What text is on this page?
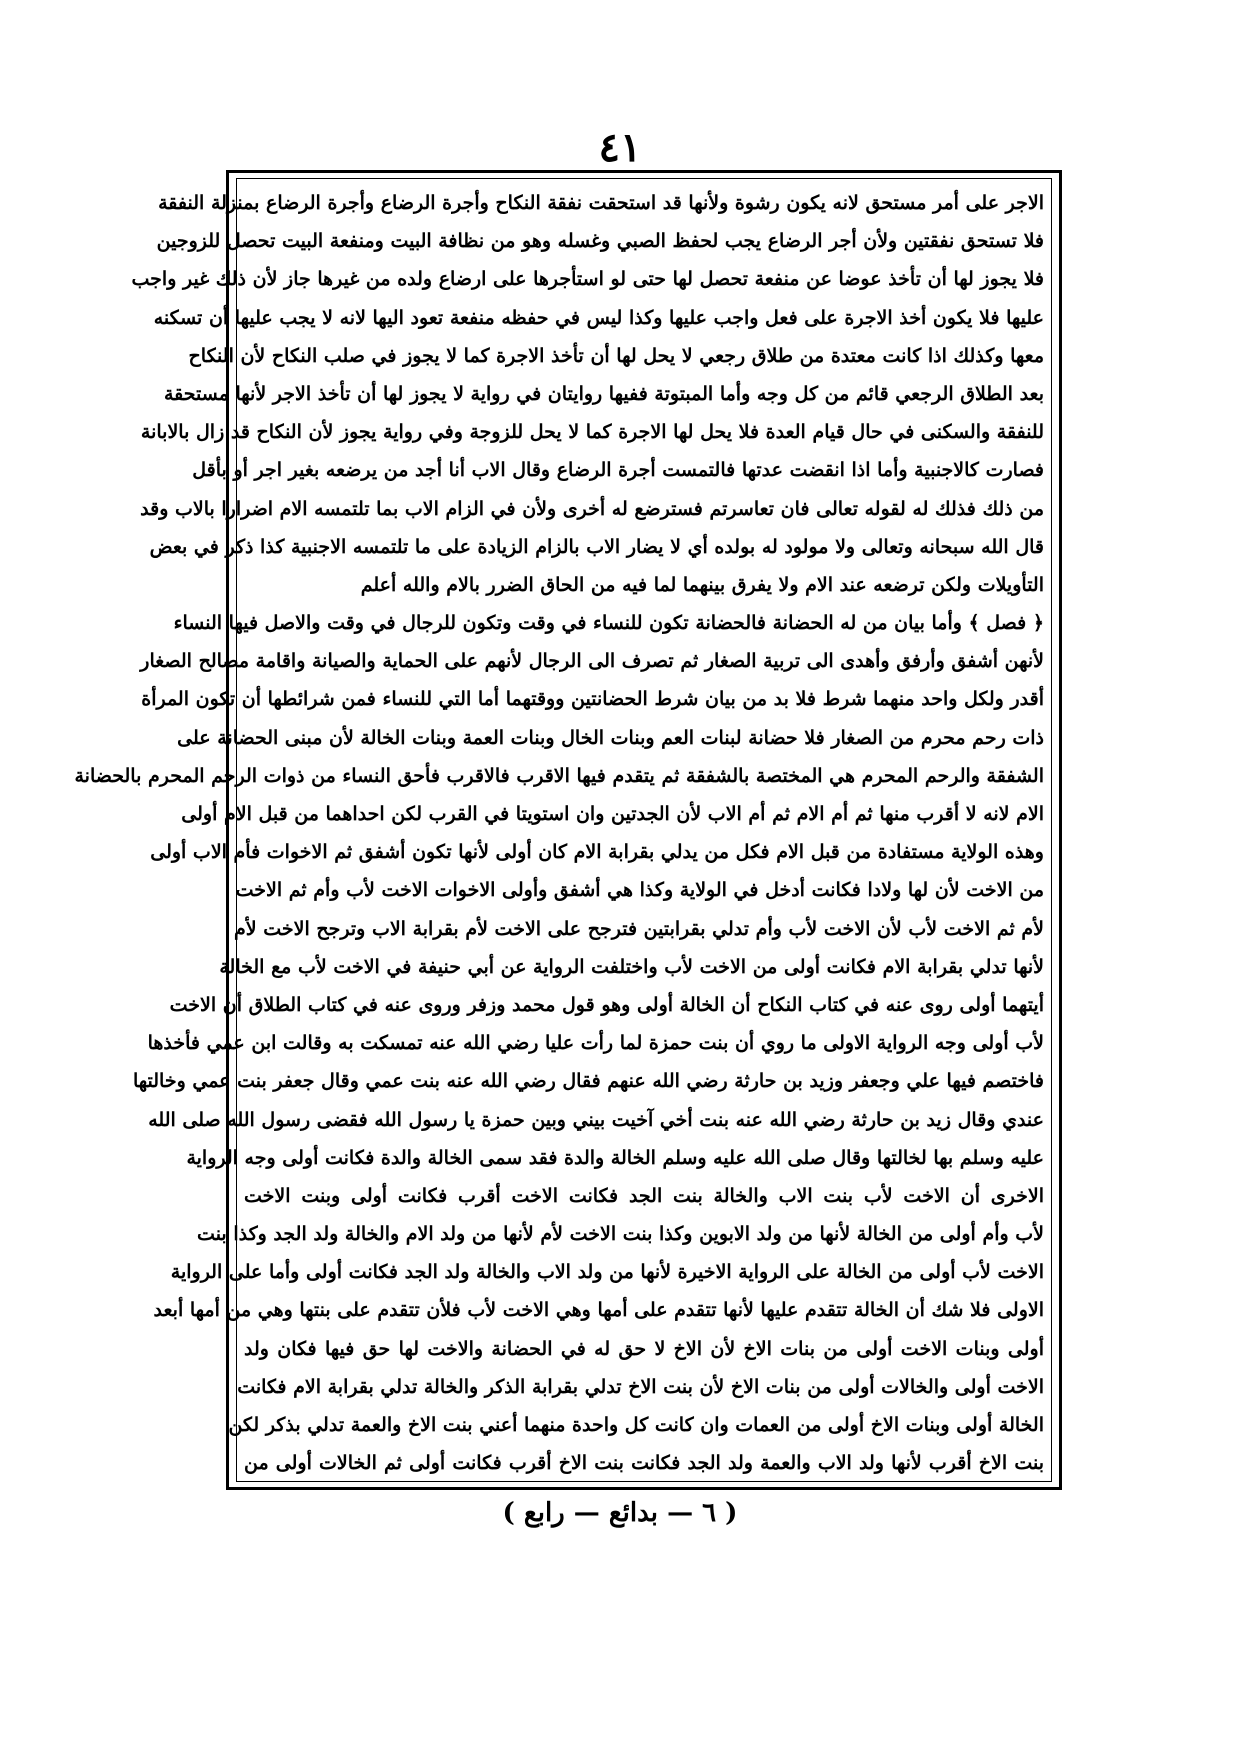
٤١
الاجر على أمر مستحق لانه يكون رشوة ولأنها قد استحقت نفقة النكاح وأجرة الرضاع وأجرة الرضاع بمنزلة النفقة
فلا تستحق نفقتين ولأن أجر الرضاع يجب لحفظ الصبي وغسله وهو من نظافة البيت ومنفعة البيت تحصل للزوجين
فلا يجوز لها أن تأخذ عوضا عن منفعة تحصل لها حتى لو استأجرها على ارضاع ولده من غيرها جاز لأن ذلك غير واجب
عليها فلا يكون أخذ الاجرة على فعل واجب عليها وكذا ليس في حفظه منفعة تعود اليها لانه لا يجب عليها أن تسكنه
معها وكذلك اذا كانت معتدة من طلاق رجعي لا يحل لها أن تأخذ الاجرة كما لا يجوز في صلب النكاح لأن النكاح
بعد الطلاق الرجعي قائم من كل وجه وأما المبتوتة ففيها روايتان في رواية لا يجوز لها أن تأخذ الاجر لأنها مستحقة
للنفقة والسكنى في حال قيام العدة فلا يحل لها الاجرة كما لا يحل للزوجة وفي رواية يجوز لأن النكاح قد زال بالابانة
فصارت كالاجنبية وأما اذا انقضت عدتها فالتمست أجرة الرضاع وقال الاب أنا أجد من يرضعه بغير اجر أو بأقل
من ذلك فذلك له لقوله تعالى فان تعاسرتم فسترضع له أخرى ولأن في الزام الاب بما تلتمسه الام اضرارا بالاب وقد
قال الله سبحانه وتعالى ولا مولود له بولده أي لا يضار الاب بالزام الزيادة على ما تلتمسه الاجنبية كذا ذكر في بعض
التأويلات ولكن ترضعه عند الام ولا يفرق بينهما لما فيه من الحاق الضرر بالام والله أعلم
﴿ فصل ﴾ وأما بيان من له الحضانة فالحضانة تكون للنساء في وقت وتكون للرجال في وقت والاصل فيها النساء
لأنهن أشفق وأرفق وأهدى الى تربية الصغار ثم تصرف الى الرجال لأنهم على الحماية والصيانة واقامة مصالح الصغار
أقدر ولكل واحد منهما شرط فلا بد من بيان شرط الحضانتين ووقتهما أما التي للنساء فمن شرائطها أن تكون المرأة
ذات رحم محرم من الصغار فلا حضانة لبنات العم وبنات الخال وبنات العمة وبنات الخالة لأن مبنى الحضانة على
الشفقة والرحم المحرم هي المختصة بالشفقة ثم يتقدم فيها الاقرب فالاقرب فأحق النساء من ذوات الرحم المحرم بالحضانة
الام لانه لا أقرب منها ثم أم الام ثم أم الاب لأن الجدتين وان استويتا في القرب لكن احداهما من قبل الام أولى
وهذه الولاية مستفادة من قبل الام فكل من يدلي بقرابة الام كان أولى لأنها تكون أشفق ثم الاخوات فأم الاب أولى
من الاخت لأن لها ولادا فكانت أدخل في الولاية وكذا هي أشفق وأولى الاخوات الاخت لأب وأم ثم الاخت
لأم ثم الاخت لأب لأن الاخت لأب وأم تدلي بقرابتين فترجح على الاخت لأم بقرابة الاب وترجح الاخت لأم
لأنها تدلي بقرابة الام فكانت أولى من الاخت لأب واختلفت الرواية عن أبي حنيفة في الاخت لأب مع الخالة
أيتهما أولى روى عنه في كتاب النكاح أن الخالة أولى وهو قول محمد وزفر وروى عنه في كتاب الطلاق أن الاخت
لأب أولى وجه الرواية الاولى ما روي أن بنت حمزة لما رأت عليا رضي الله عنه تمسكت به وقالت ابن عمي فأخذها
فاختصم فيها علي وجعفر وزيد بن حارثة رضي الله عنهم فقال رضي الله عنه بنت عمي وقال جعفر بنت عمي وخالتها
عندي وقال زيد بن حارثة رضي الله عنه بنت أخي آخيت بيني وبين حمزة يا رسول الله فقضى رسول الله صلى الله
عليه وسلم بها لخالتها وقال صلى الله عليه وسلم الخالة والدة فقد سمى الخالة والدة فكانت أولى وجه الرواية
الاخرى أن الاخت لأب بنت الاب والخالة بنت الجد فكانت الاخت أقرب فكانت أولى وبنت الاخت
لأب وأم أولى من الخالة لأنها من ولد الابوين وكذا بنت الاخت لأم لأنها من ولد الام والخالة ولد الجد وكذا بنت
الاخت لأب أولى من الخالة على الرواية الاخيرة لأنها من ولد الاب والخالة ولد الجد فكانت أولى وأما على الرواية
الاولى فلا شك أن الخالة تتقدم عليها لأنها تتقدم على أمها وهي الاخت لأب فلأن تتقدم على بنتها وهي من أمها أبعد
أولى وبنات الاخت أولى من بنات الاخ لأن الاخ لا حق له في الحضانة والاخت لها حق فيها فكان ولد
الاخت أولى والخالات أولى من بنات الاخ لأن بنت الاخ تدلي بقرابة الذكر والخالة تدلي بقرابة الام فكانت
الخالة أولى وبنات الاخ أولى من العمات وان كانت كل واحدة منهما أعني بنت الاخ والعمة تدلي بذكر لكن
بنت الاخ أقرب لأنها ولد الاب والعمة ولد الجد فكانت بنت الاخ أقرب فكانت أولى ثم الخالات أولى من
( ٦ — بدائع — رابع )
